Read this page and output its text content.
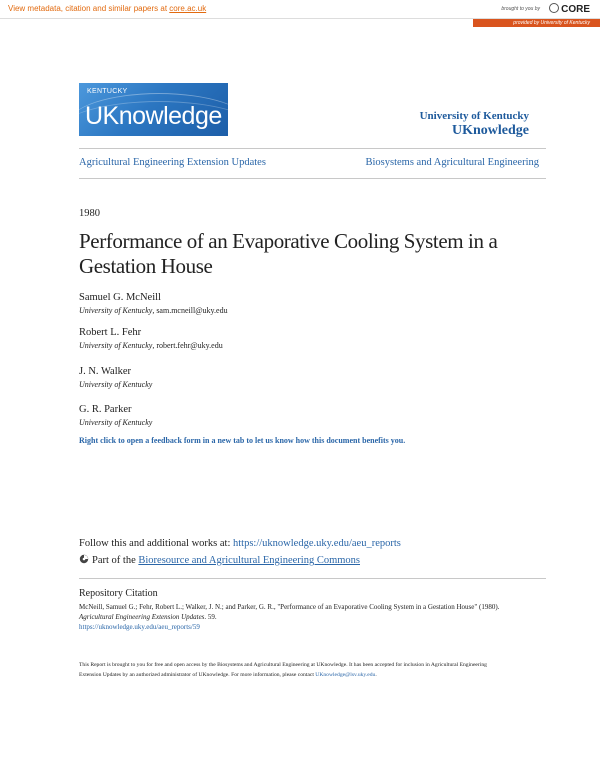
View metadata, citation and similar papers at core.ac.uk	brought to you by	CORE
provided by University of Kentucky
KENTUCKY
UKnowledge	University of Kentucky
UKnowledge
Agricultural Engineering Extension Updates	Biosystems and Agricultural Engineering
1980
Performance of an Evaporative Cooling System in a Gestation House
Samuel G. McNeill
University of Kentucky, sam.mcneill@uky.edu
Robert L. Fehr
University of Kentucky, robert.fehr@uky.edu
J. N. Walker
University of Kentucky
G. R. Parker
University of Kentucky
Right click to open a feedback form in a new tab to let us know how this document benefits you.
Follow this and additional works at: https://uknowledge.uky.edu/aeu_reports
Part of the Bioresource and Agricultural Engineering Commons
Repository Citation
McNeill, Samuel G.; Fehr, Robert L.; Walker, J. N.; and Parker, G. R., "Performance of an Evaporative Cooling System in a Gestation House" (1980). Agricultural Engineering Extension Updates. 59.
https://uknowledge.uky.edu/aeu_reports/59
This Report is brought to you for free and open access by the Biosystems and Agricultural Engineering at UKnowledge. It has been accepted for inclusion in Agricultural Engineering Extension Updates by an authorized administrator of UKnowledge. For more information, please contact UKnowledge@lsv.uky.edu.
